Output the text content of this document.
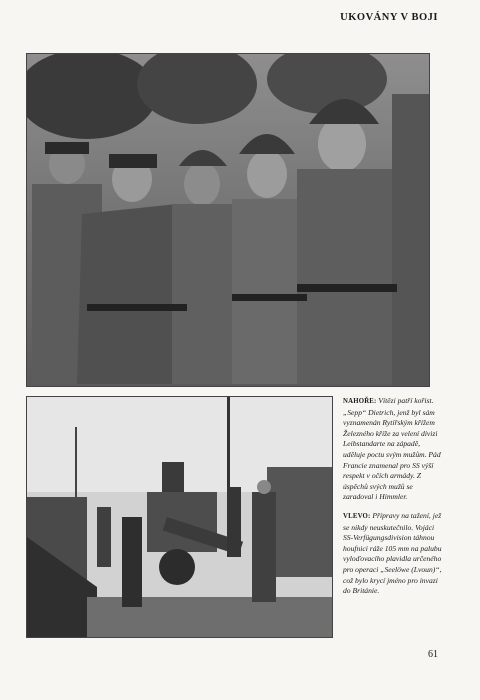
UKOVÁNY V BOJI

NAHOŘE: Vítězi patří kořist. „Sepp“ Dietrich, jenž byl sám vyznamenán Rytířským křížem Železného kříže za velení divizi Leibstandarte na západě, uděluje poctu svým mužům. Pád Francie znamenal pro SS výší respekt v očích armády. Z úspěchů svých mužů se zaradoval i Himmler.

VLEVO: Přípravy na tažení, jež se nikdy neuskutečnilo. Vojáci SS-Verfügungsdivision táhnou houfnici ráže 105 mm na palubu vyloďovacího plavidla určeného pro operaci „Seelöwe (Lvoun)“, což bylo krycí jméno pro invazi do Británie.

61
